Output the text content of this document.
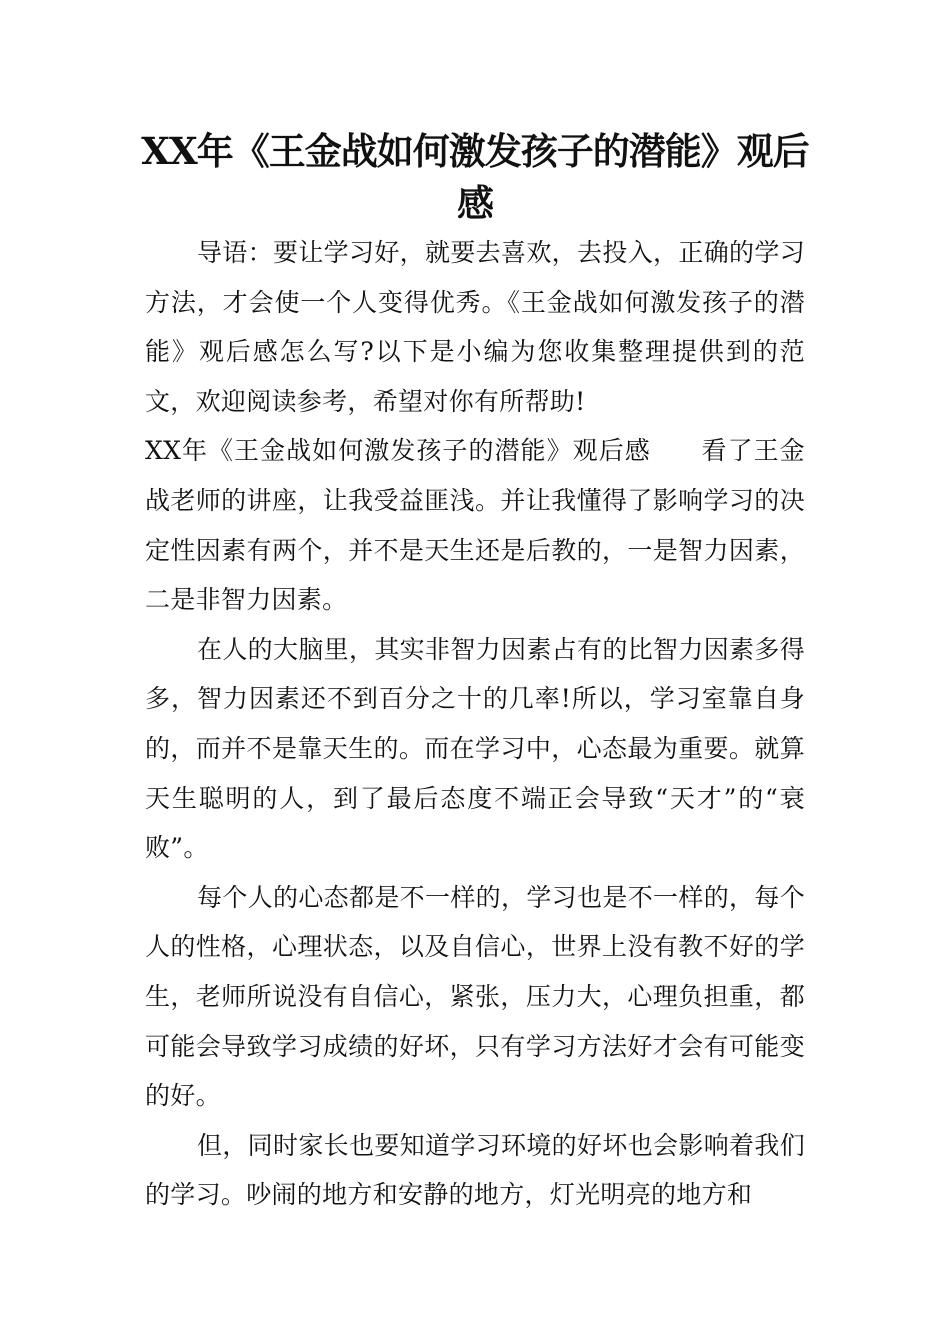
XX年《王金战如何激发孩子的潜能》观后感

导语：要让学习好，就要去喜欢，去投入，正确的学习方法，才会使一个人变得优秀。《王金战如何激发孩子的潜能》观后感怎么写?以下是小编为您收集整理提供到的范文，欢迎阅读参考，希望对你有所帮助!

XX年《王金战如何激发孩子的潜能》观后感 看了王金战老师的讲座，让我受益匪浅。并让我懂得了影响学习的决定性因素有两个，并不是天生还是后教的，一是智力因素，二是非智力因素。

在人的大脑里，其实非智力因素占有的比智力因素多得多，智力因素还不到百分之十的几率!所以，学习室靠自身的，而并不是靠天生的。而在学习中，心态最为重要。就算天生聪明的人，到了最后态度不端正会导致“天才”的“衰败”。

每个人的心态都是不一样的，学习也是不一样的，每个人的性格，心理状态，以及自信心，世界上没有教不好的学生，老师所说没有自信心，紧张，压力大，心理负担重，都可能会导致学习成绩的好坏，只有学习方法好才会有可能变的好。

但，同时家长也要知道学习环境的好坏也会影响着我们的学习。吵闹的地方和安静的地方，灯光明亮的地方和
